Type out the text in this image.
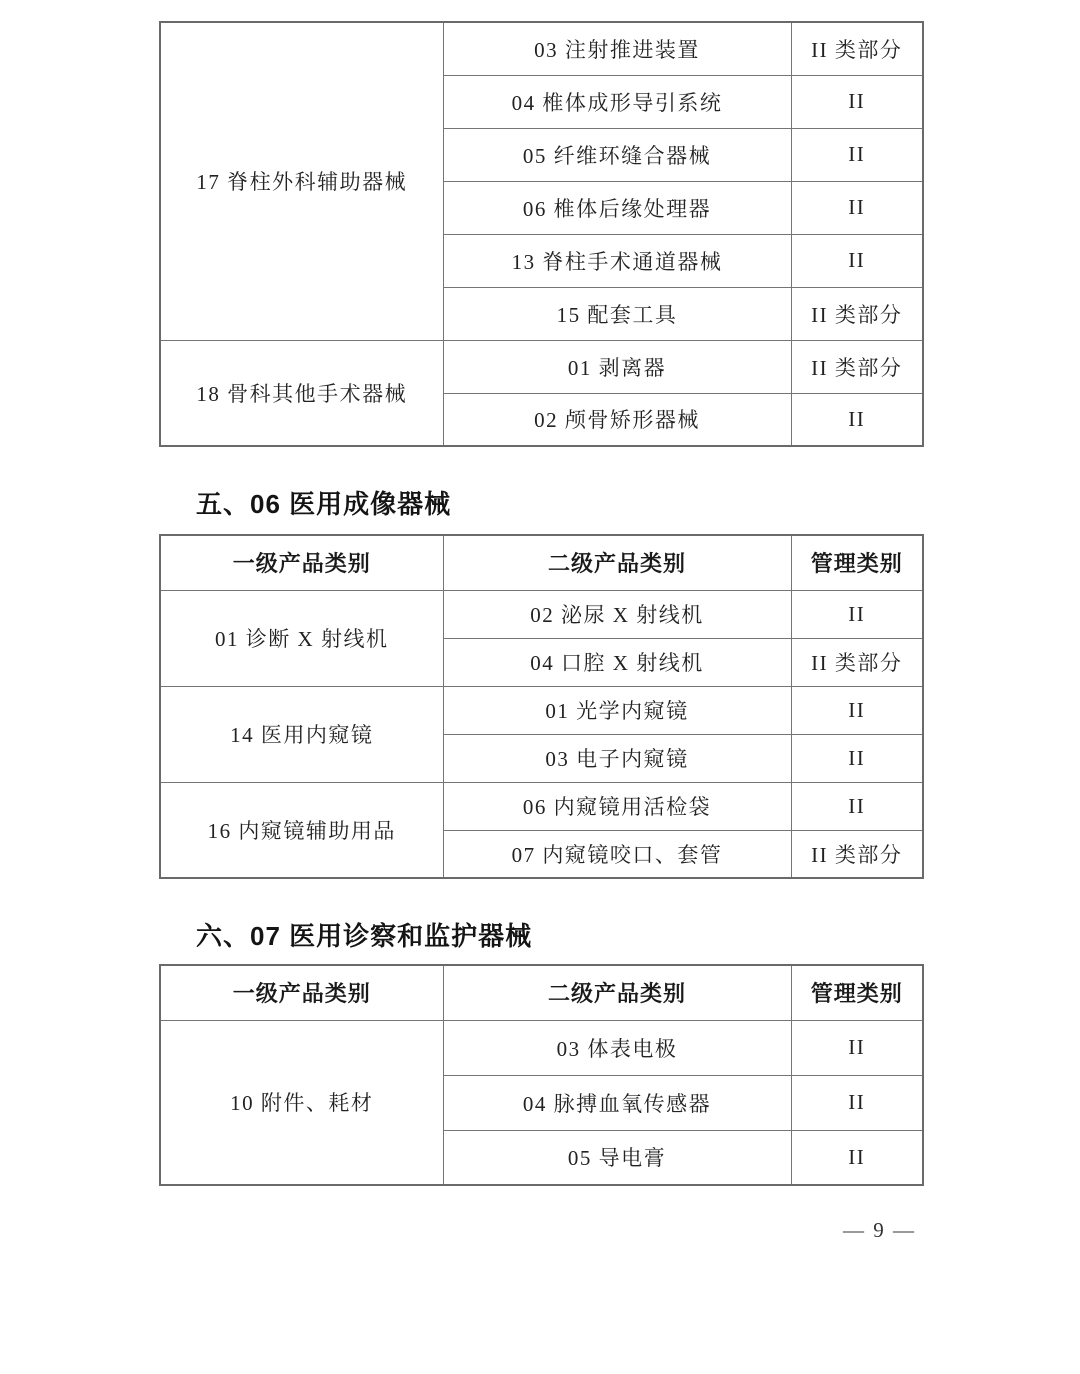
17 脊柱外科辅助器械	03 注射推进装置	II 类部分
	04 椎体成形导引系统	II
	05 纤维环缝合器械	II
	06 椎体后缘处理器	II
	13 脊柱手术通道器械	II
	15 配套工具	II 类部分
18 骨科其他手术器械	01 剥离器	II 类部分
	02 颅骨矫形器械	II
五、06 医用成像器械
一级产品类别	二级产品类别	管理类别
01 诊断 X 射线机	02 泌尿 X 射线机	II
	04 口腔 X 射线机	II 类部分
14 医用内窥镜	01 光学内窥镜	II
	03 电子内窥镜	II
16 内窥镜辅助用品	06 内窥镜用活检袋	II
	07 内窥镜咬口、套管	II 类部分
六、07 医用诊察和监护器械
一级产品类别	二级产品类别	管理类别
10 附件、耗材	03 体表电极	II
	04 脉搏血氧传感器	II
	05 导电膏	II
— 9 —
